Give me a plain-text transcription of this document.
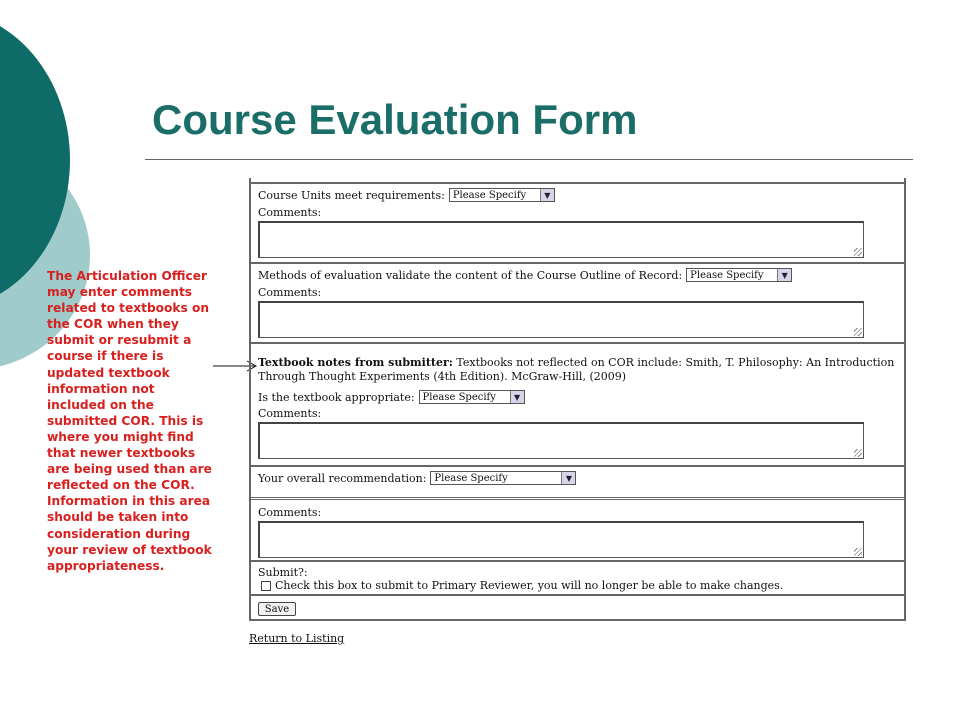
Course Evaluation Form
The Articulation Officer may enter comments related to textbooks on the COR when they submit or resubmit a course if there is updated textbook information not included on the submitted COR. This is where you might find that newer textbooks are being used than are reflected on the COR. Information in this area should be taken into consideration during your review of textbook appropriateness.
Course Units meet requirements: Please Specify	▼
Comments:
Methods of evaluation validate the content of the Course Outline of Record: Please Specify	▼
Comments:
Textbook notes from submitter: Textbooks not reflected on COR include: Smith, T. Philosophy: An Introduction Through Thought Experiments (4th Edition). McGraw-Hill, (2009)
Is the textbook appropriate: Please Specify	▼
Comments:
Your overall recommendation: Please Specify	▼
Comments:
Submit?:
Check this box to submit to Primary Reviewer, you will no longer be able to make changes.
Save
Return to Listing
